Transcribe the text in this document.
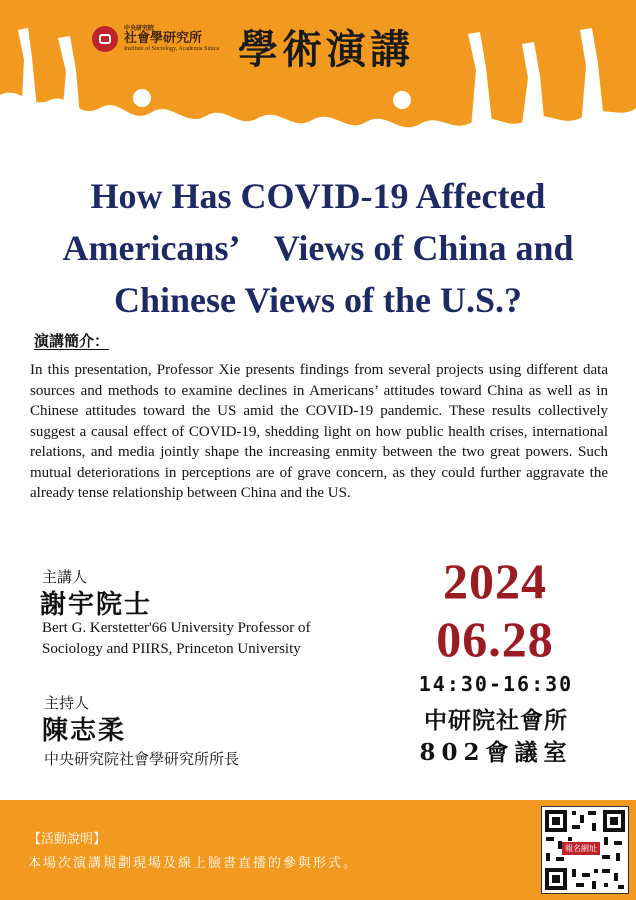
中央研究院
社會學研究所
Institute of Sociology, Academia Sinica 學術演講
How Has COVID-19 Affected
Americans’　Views of China and
Chinese Views of the U.S.?
演講簡介：
In this presentation, Professor Xie presents findings from several projects using different data sources and methods to examine declines in Americans’ attitudes toward China as well as in Chinese attitudes toward the US amid the COVID-19 pandemic. These results collectively suggest a causal effect of COVID-19, shedding light on how public health crises, international relations, and media jointly shape the increasing enmity between the two great powers. Such mutual deteriorations in perceptions are of grave concern, as they could further aggravate the already tense relationship between China and the US.
主講人
謝宇院士
Bert G. Kerstetter'66 University Professor of
Sociology and PIIRS, Princeton University
主持人
陳志柔
中央研究院社會學研究所所長
2024
06.28
14:30-16:30
中研院社會所
802會議室
【活動說明】
本場次演講規劃現場及線上臉書直播的參與形式。
報名網址
